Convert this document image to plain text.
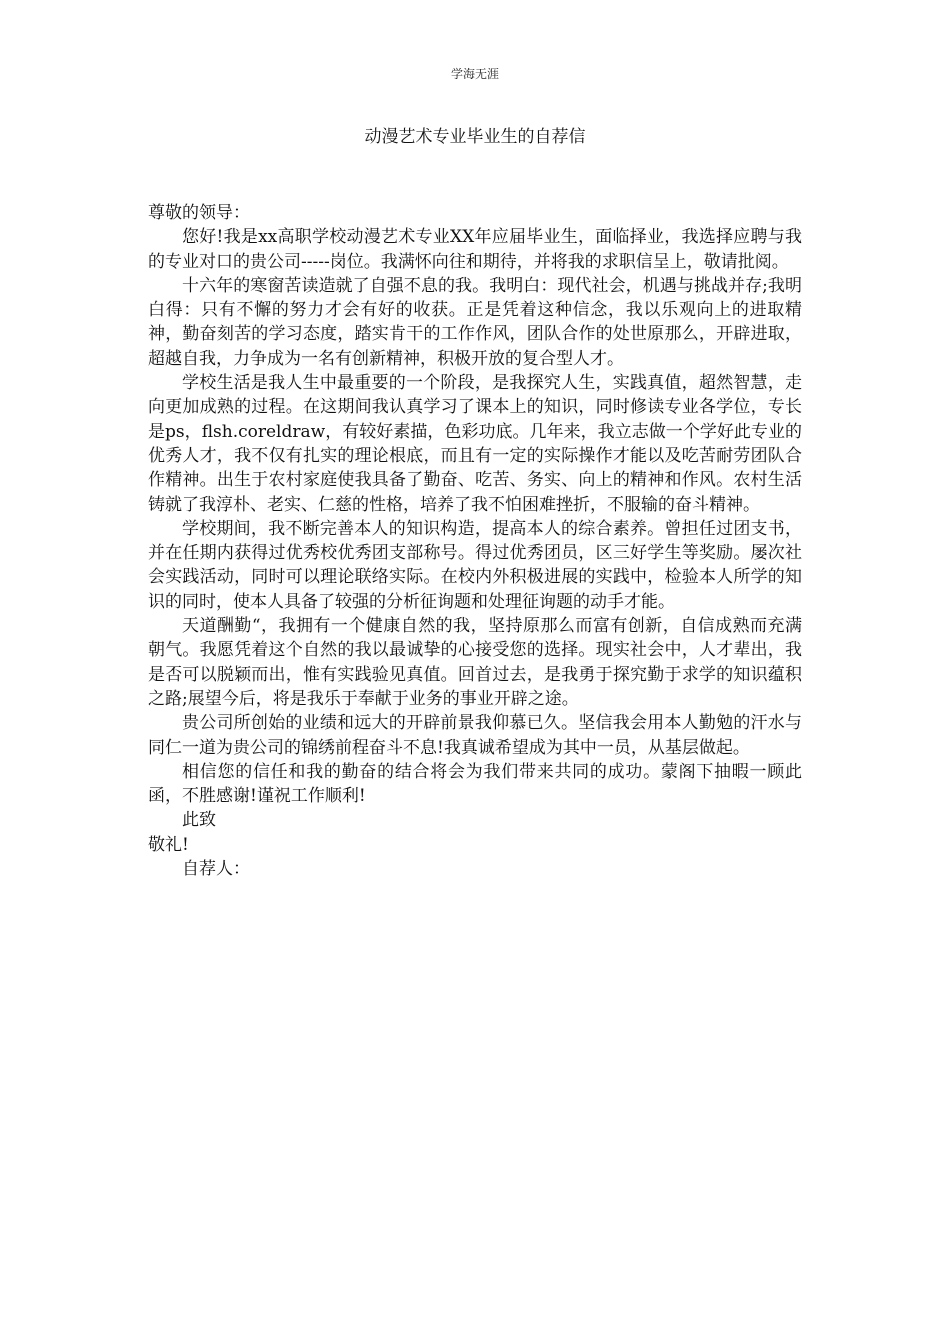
学海无涯
动漫艺术专业毕业生的自荐信

尊敬的领导：

您好!我是xx高职学校动漫艺术专业XX年应届毕业生，面临择业，我选择应聘与我的专业对口的贵公司-----岗位。我满怀向往和期待，并将我的求职信呈上，敬请批阅。

十六年的寒窗苦读造就了自强不息的我。我明白：现代社会，机遇与挑战并存;我明白得：只有不懈的努力才会有好的收获。正是凭着这种信念，我以乐观向上的进取精神，勤奋刻苦的学习态度，踏实肯干的工作作风，团队合作的处世原那么，开辟进取，超越自我，力争成为一名有创新精神，积极开放的复合型人才。

学校生活是我人生中最重要的一个阶段，是我探究人生，实践真值，超然智慧，走向更加成熟的过程。在这期间我认真学习了课本上的知识，同时修读专业各学位，专长是ps，flsh.coreldraw，有较好素描，色彩功底。几年来，我立志做一个学好此专业的优秀人才，我不仅有扎实的理论根底，而且有一定的实际操作才能以及吃苦耐劳团队合作精神。出生于农村家庭使我具备了勤奋、吃苦、务实、向上的精神和作风。农村生活铸就了我淳朴、老实、仁慈的性格，培养了我不怕困难挫折，不服输的奋斗精神。

学校期间，我不断完善本人的知识构造，提高本人的综合素养。曾担任过团支书，并在任期内获得过优秀校优秀团支部称号。得过优秀团员，区三好学生等奖励。屡次社会实践活动，同时可以理论联络实际。在校内外积极进展的实践中，检验本人所学的知识的同时，使本人具备了较强的分析征询题和处理征询题的动手才能。

天道酬勤“，我拥有一个健康自然的我，坚持原那么而富有创新，自信成熟而充满朝气。我愿凭着这个自然的我以最诚挚的心接受您的选择。现实社会中，人才辈出，我是否可以脱颖而出，惟有实践验见真值。回首过去，是我勇于探究勤于求学的知识蕴积之路;展望今后，将是我乐于奉献于业务的事业开辟之途。

贵公司所创始的业绩和远大的开辟前景我仰慕已久。坚信我会用本人勤勉的汗水与同仁一道为贵公司的锦绣前程奋斗不息!我真诚希望成为其中一员，从基层做起。

相信您的信任和我的勤奋的结合将会为我们带来共同的成功。蒙阁下抽暇一顾此函，不胜感谢!谨祝工作顺利!

此致

敬礼!

自荐人：
